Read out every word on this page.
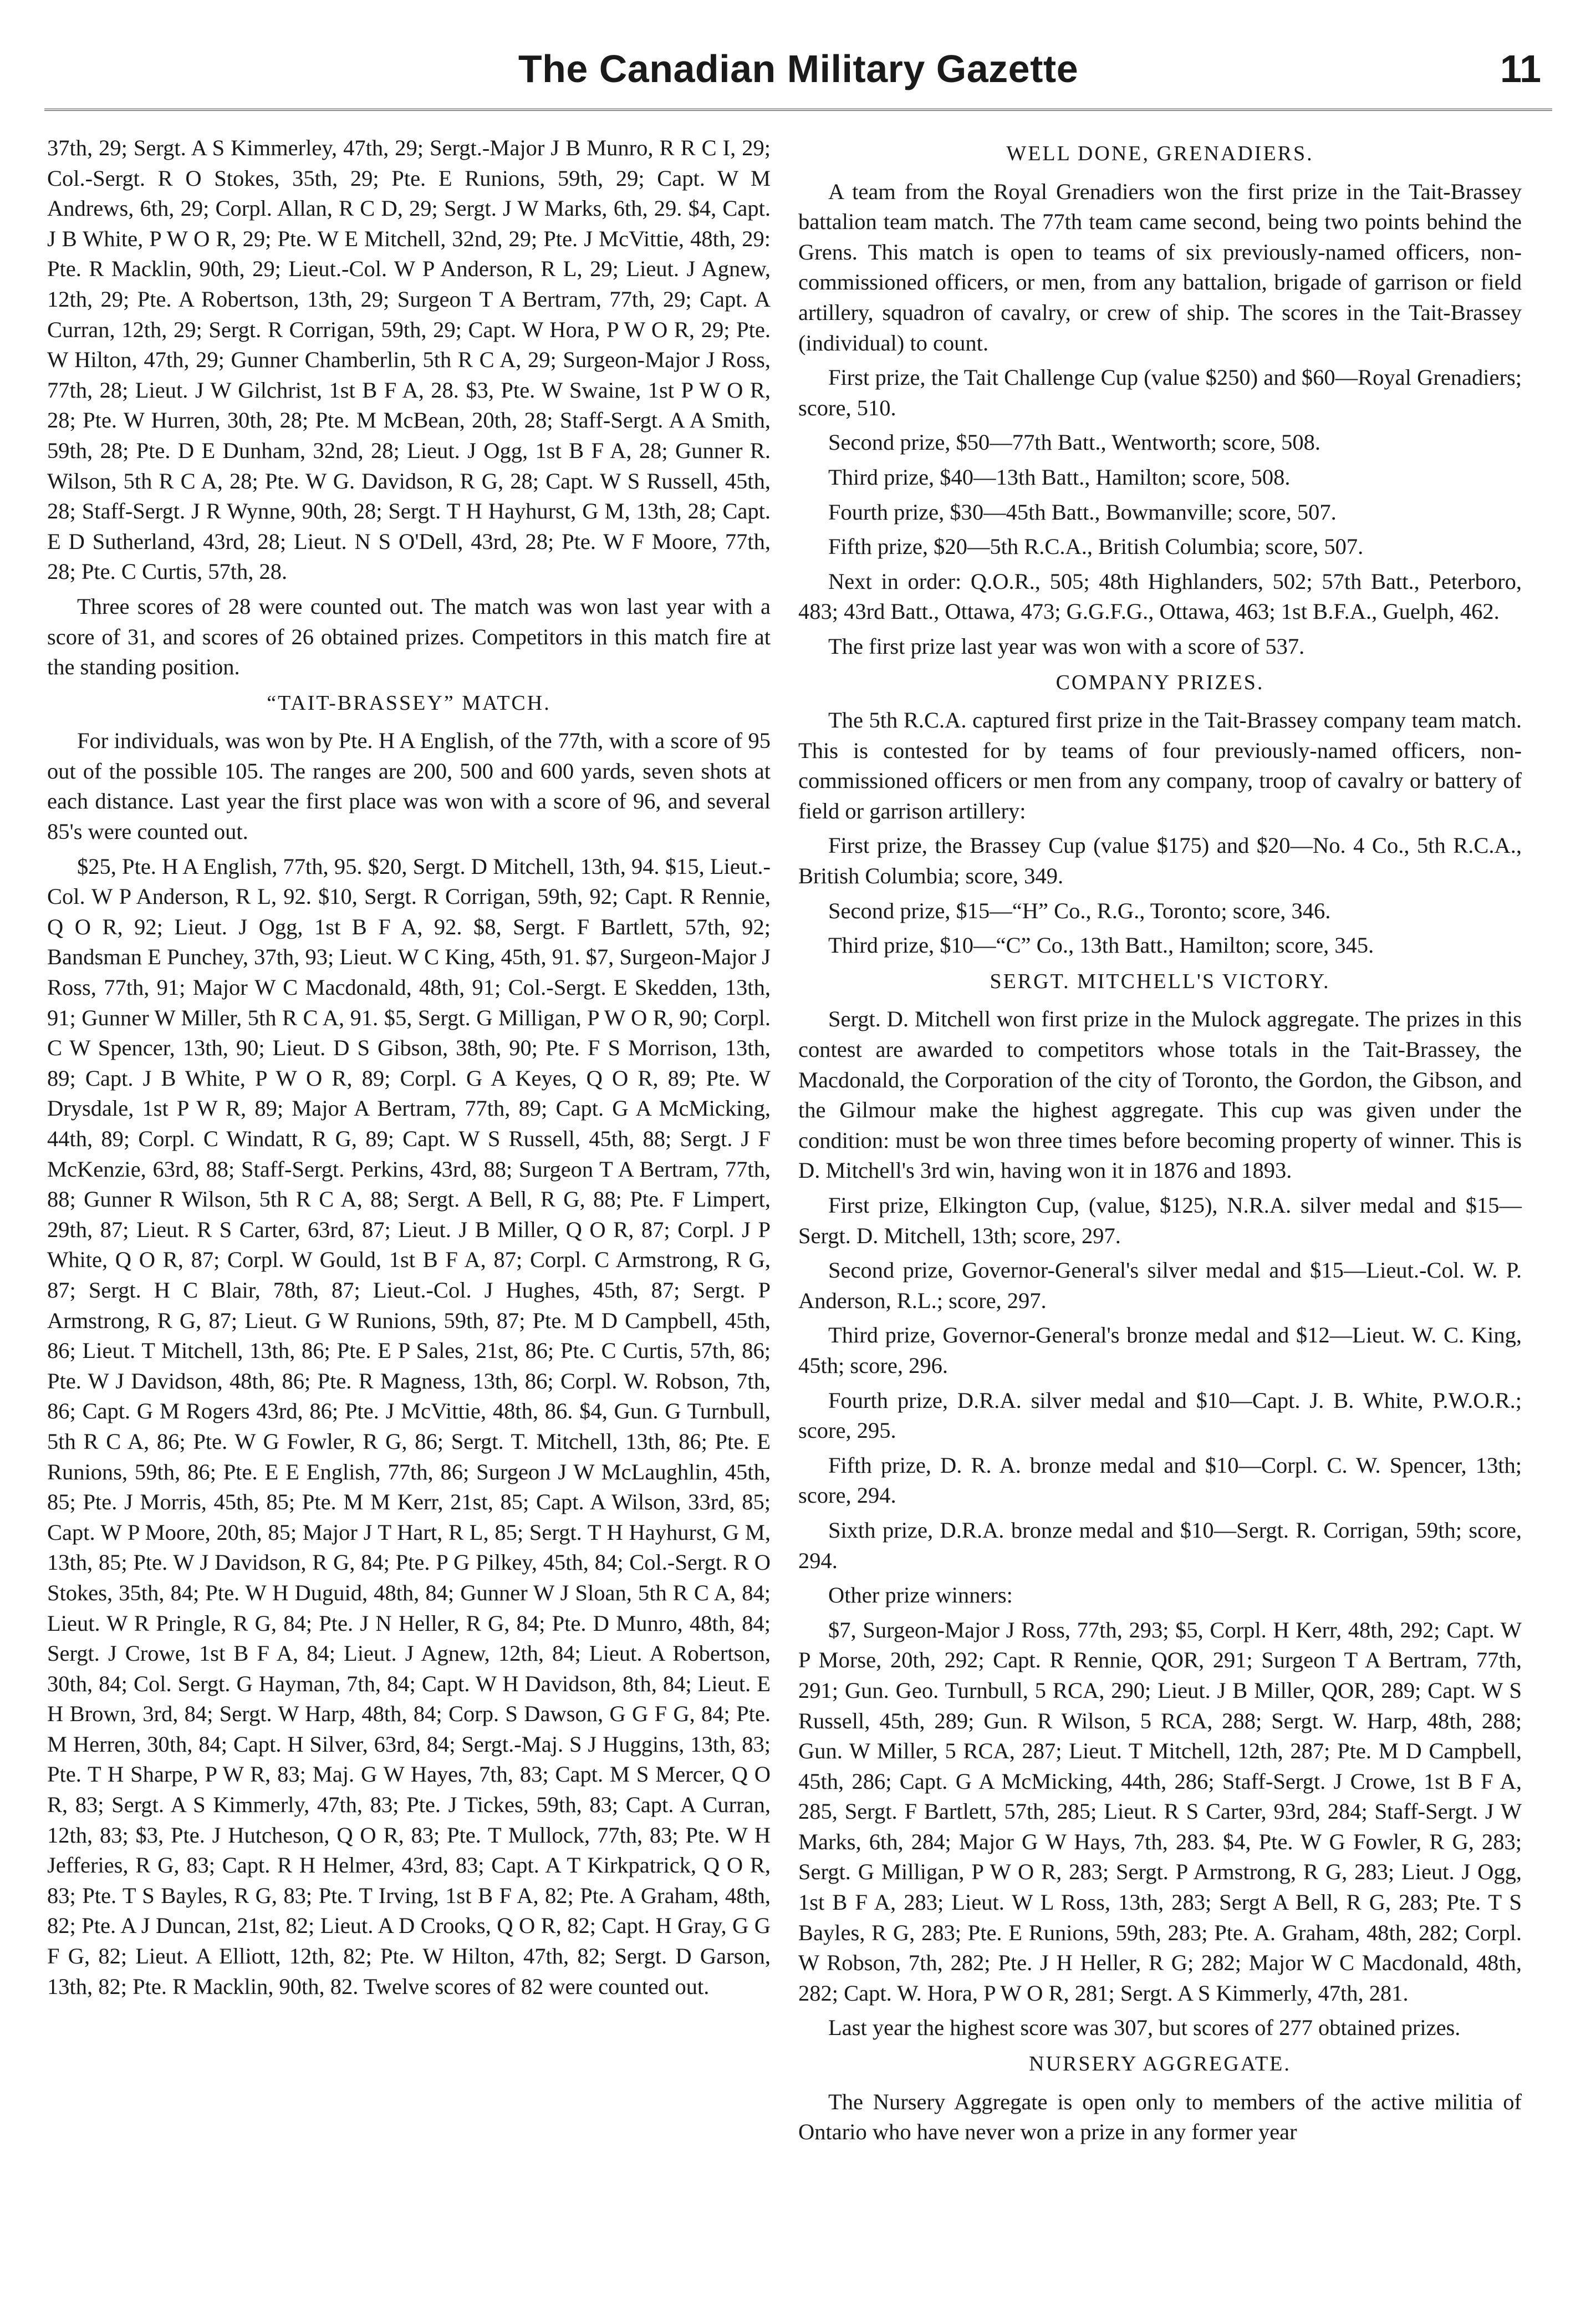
The Canadian Military Gazette	11

37th, 29; Sergt. A S Kimmerley, 47th, 29; Sergt.-Major J B Munro, R R C I, 29; Col.-Sergt. R O Stokes, 35th, 29; Pte. E Runions, 59th, 29; Capt. W M Andrews, 6th, 29; Corpl. Allan, R C D, 29; Sergt. J W Marks, 6th, 29. $4, Capt. J B White, P W O R, 29; Pte. W E Mitchell, 32nd, 29; Pte. J McVittie, 48th, 29: Pte. R Macklin, 90th, 29; Lieut.-Col. W P Anderson, R L, 29; Lieut. J Agnew, 12th, 29; Pte. A Robertson, 13th, 29; Surgeon T A Bertram, 77th, 29; Capt. A Curran, 12th, 29; Sergt. R Corrigan, 59th, 29; Capt. W Hora, P W O R, 29; Pte. W Hilton, 47th, 29; Gunner Chamberlin, 5th R C A, 29; Surgeon-Major J Ross, 77th, 28; Lieut. J W Gilchrist, 1st B F A, 28. $3, Pte. W Swaine, 1st P W O R, 28; Pte. W Hurren, 30th, 28; Pte. M McBean, 20th, 28; Staff-Sergt. A A Smith, 59th, 28; Pte. D E Dunham, 32nd, 28; Lieut. J Ogg, 1st B F A, 28; Gunner R. Wilson, 5th R C A, 28; Pte. W G. Davidson, R G, 28; Capt. W S Russell, 45th, 28; Staff-Sergt. J R Wynne, 90th, 28; Sergt. T H Hayhurst, G M, 13th, 28; Capt. E D Sutherland, 43rd, 28; Lieut. N S O'Dell, 43rd, 28; Pte. W F Moore, 77th, 28; Pte. C Curtis, 57th, 28.

Three scores of 28 were counted out. The match was won last year with a score of 31, and scores of 26 obtained prizes. Competitors in this match fire at the standing position.

“TAIT-BRASSEY” MATCH.

For individuals, was won by Pte. H A English, of the 77th, with a score of 95 out of the possible 105. The ranges are 200, 500 and 600 yards, seven shots at each distance. Last year the first place was won with a score of 96, and several 85's were counted out.

$25, Pte. H A English, 77th, 95. $20, Sergt. D Mitchell, 13th, 94. $15, Lieut.-Col. W P Anderson, R L, 92. $10, Sergt. R Corrigan, 59th, 92; Capt. R Rennie, Q O R, 92; Lieut. J Ogg, 1st B F A, 92. $8, Sergt. F Bartlett, 57th, 92; Bandsman E Punchey, 37th, 93; Lieut. W C King, 45th, 91. $7, Surgeon-Major J Ross, 77th, 91; Major W C Macdonald, 48th, 91; Col.-Sergt. E Skedden, 13th, 91; Gunner W Miller, 5th R C A, 91. $5, Sergt. G Milligan, P W O R, 90; Corpl. C W Spencer, 13th, 90; Lieut. D S Gibson, 38th, 90; Pte. F S Morrison, 13th, 89; Capt. J B White, P W O R, 89; Corpl. G A Keyes, Q O R, 89; Pte. W Drysdale, 1st P W R, 89; Major A Bertram, 77th, 89; Capt. G A McMicking, 44th, 89; Corpl. C Windatt, R G, 89; Capt. W S Russell, 45th, 88; Sergt. J F McKenzie, 63rd, 88; Staff-Sergt. Perkins, 43rd, 88; Surgeon T A Bertram, 77th, 88; Gunner R Wilson, 5th R C A, 88; Sergt. A Bell, R G, 88; Pte. F Limpert, 29th, 87; Lieut. R S Carter, 63rd, 87; Lieut. J B Miller, Q O R, 87; Corpl. J P White, Q O R, 87; Corpl. W Gould, 1st B F A, 87; Corpl. C Armstrong, R G, 87; Sergt. H C Blair, 78th, 87; Lieut.-Col. J Hughes, 45th, 87; Sergt. P Armstrong, R G, 87; Lieut. G W Runions, 59th, 87; Pte. M D Campbell, 45th, 86; Lieut. T Mitchell, 13th, 86; Pte. E P Sales, 21st, 86; Pte. C Curtis, 57th, 86; Pte. W J Davidson, 48th, 86; Pte. R Magness, 13th, 86; Corpl. W. Robson, 7th, 86; Capt. G M Rogers 43rd, 86; Pte. J McVittie, 48th, 86. $4, Gun. G Turnbull, 5th R C A, 86; Pte. W G Fowler, R G, 86; Sergt. T. Mitchell, 13th, 86; Pte. E Runions, 59th, 86; Pte. E E English, 77th, 86; Surgeon J W McLaughlin, 45th, 85; Pte. J Morris, 45th, 85; Pte. M M Kerr, 21st, 85; Capt. A Wilson, 33rd, 85; Capt. W P Moore, 20th, 85; Major J T Hart, R L, 85; Sergt. T H Hayhurst, G M, 13th, 85; Pte. W J Davidson, R G, 84; Pte. P G Pilkey, 45th, 84; Col.-Sergt. R O Stokes, 35th, 84; Pte. W H Duguid, 48th, 84; Gunner W J Sloan, 5th R C A, 84; Lieut. W R Pringle, R G, 84; Pte. J N Heller, R G, 84; Pte. D Munro, 48th, 84; Sergt. J Crowe, 1st B F A, 84; Lieut. J Agnew, 12th, 84; Lieut. A Robertson, 30th, 84; Col. Sergt. G Hayman, 7th, 84; Capt. W H Davidson, 8th, 84; Lieut. E H Brown, 3rd, 84; Sergt. W Harp, 48th, 84; Corp. S Dawson, G G F G, 84; Pte. M Herren, 30th, 84; Capt. H Silver, 63rd, 84; Sergt.-Maj. S J Huggins, 13th, 83; Pte. T H Sharpe, P W R, 83; Maj. G W Hayes, 7th, 83; Capt. M S Mercer, Q O R, 83; Sergt. A S Kimmerly, 47th, 83; Pte. J Tickes, 59th, 83; Capt. A Curran, 12th, 83; $3, Pte. J Hutcheson, Q O R, 83; Pte. T Mullock, 77th, 83; Pte. W H Jefferies, R G, 83; Capt. R H Helmer, 43rd, 83; Capt. A T Kirkpatrick, Q O R, 83; Pte. T S Bayles, R G, 83; Pte. T Irving, 1st B F A, 82; Pte. A Graham, 48th, 82; Pte. A J Duncan, 21st, 82; Lieut. A D Crooks, Q O R, 82; Capt. H Gray, G G F G, 82; Lieut. A Elliott, 12th, 82; Pte. W Hilton, 47th, 82; Sergt. D Garson, 13th, 82; Pte. R Macklin, 90th, 82. Twelve scores of 82 were counted out.

WELL DONE, GRENADIERS.

A team from the Royal Grenadiers won the first prize in the Tait-Brassey battalion team match. The 77th team came second, being two points behind the Grens. This match is open to teams of six previously-named officers, non-commissioned officers, or men, from any battalion, brigade of garrison or field artillery, squadron of cavalry, or crew of ship. The scores in the Tait-Brassey (individual) to count.

First prize, the Tait Challenge Cup (value $250) and $60—Royal Grenadiers; score, 510.

Second prize, $50—77th Batt., Wentworth; score, 508.

Third prize, $40—13th Batt., Hamilton; score, 508.

Fourth prize, $30—45th Batt., Bowmanville; score, 507.

Fifth prize, $20—5th R.C.A., British Columbia; score, 507.

Next in order: Q.O.R., 505; 48th Highlanders, 502; 57th Batt., Peterboro, 483; 43rd Batt., Ottawa, 473; G.G.F.G., Ottawa, 463; 1st B.F.A., Guelph, 462.

The first prize last year was won with a score of 537.

COMPANY PRIZES.

The 5th R.C.A. captured first prize in the Tait-Brassey company team match. This is contested for by teams of four previously-named officers, non-commissioned officers or men from any company, troop of cavalry or battery of field or garrison artillery:

First prize, the Brassey Cup (value $175) and $20—No. 4 Co., 5th R.C.A., British Columbia; score, 349.

Second prize, $15—“H” Co., R.G., Toronto; score, 346.

Third prize, $10—“C” Co., 13th Batt., Hamilton; score, 345.

SERGT. MITCHELL'S VICTORY.

Sergt. D. Mitchell won first prize in the Mulock aggregate. The prizes in this contest are awarded to competitors whose totals in the Tait-Brassey, the Macdonald, the Corporation of the city of Toronto, the Gordon, the Gibson, and the Gilmour make the highest aggregate. This cup was given under the condition: must be won three times before becoming property of winner. This is D. Mitchell's 3rd win, having won it in 1876 and 1893.

First prize, Elkington Cup, (value, $125), N.R.A. silver medal and $15—Sergt. D. Mitchell, 13th; score, 297.

Second prize, Governor-General's silver medal and $15—Lieut.-Col. W. P. Anderson, R.L.; score, 297.

Third prize, Governor-General's bronze medal and $12—Lieut. W. C. King, 45th; score, 296.

Fourth prize, D.R.A. silver medal and $10—Capt. J. B. White, P.W.O.R.; score, 295.

Fifth prize, D. R. A. bronze medal and $10—Corpl. C. W. Spencer, 13th; score, 294.

Sixth prize, D.R.A. bronze medal and $10—Sergt. R. Corrigan, 59th; score, 294.

Other prize winners:

$7, Surgeon-Major J Ross, 77th, 293; $5, Corpl. H Kerr, 48th, 292; Capt. W P Morse, 20th, 292; Capt. R Rennie, QOR, 291; Surgeon T A Bertram, 77th, 291; Gun. Geo. Turnbull, 5 RCA, 290; Lieut. J B Miller, QOR, 289; Capt. W S Russell, 45th, 289; Gun. R Wilson, 5 RCA, 288; Sergt. W. Harp, 48th, 288; Gun. W Miller, 5 RCA, 287; Lieut. T Mitchell, 12th, 287; Pte. M D Campbell, 45th, 286; Capt. G A McMicking, 44th, 286; Staff-Sergt. J Crowe, 1st B F A, 285, Sergt. F Bartlett, 57th, 285; Lieut. R S Carter, 93rd, 284; Staff-Sergt. J W Marks, 6th, 284; Major G W Hays, 7th, 283. $4, Pte. W G Fowler, R G, 283; Sergt. G Milligan, P W O R, 283; Sergt. P Armstrong, R G, 283; Lieut. J Ogg, 1st B F A, 283; Lieut. W L Ross, 13th, 283; Sergt A Bell, R G, 283; Pte. T S Bayles, R G, 283; Pte. E Runions, 59th, 283; Pte. A. Graham, 48th, 282; Corpl. W Robson, 7th, 282; Pte. J H Heller, R G; 282; Major W C Macdonald, 48th, 282; Capt. W. Hora, P W O R, 281; Sergt. A S Kimmerly, 47th, 281.

Last year the highest score was 307, but scores of 277 obtained prizes.

NURSERY AGGREGATE.

The Nursery Aggregate is open only to members of the active militia of Ontario who have never won a prize in any former year
